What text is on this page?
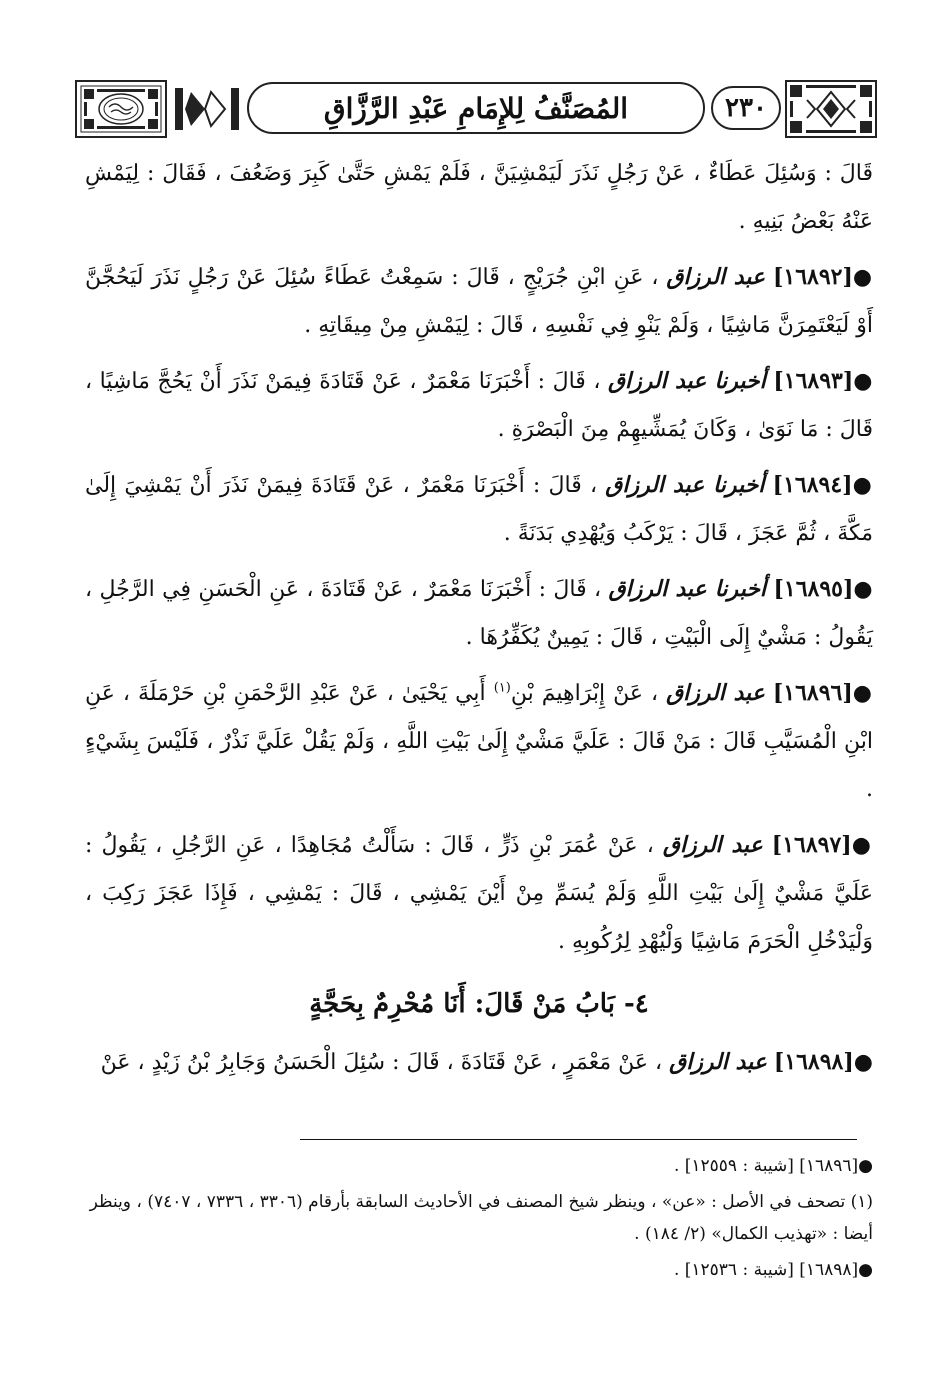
المُصَنَّفُ لِلإِمَامِ عَبْدِ الرَّزَّاقِ	٢٣٠

قَالَ : وَسُئِلَ عَطَاءٌ ، عَنْ رَجُلٍ نَذَرَ لَيَمْشِيَنَّ ، فَلَمْ يَمْشِ حَتَّىٰ كَبِرَ وَضَعُفَ ، فَقَالَ : لِيَمْشِ عَنْهُ بَعْضُ بَنِيهِ .

●[١٦٨٩٢] عبد الرزاق ، عَنِ ابْنِ جُرَيْجٍ ، قَالَ : سَمِعْتُ عَطَاءً سُئِلَ عَنْ رَجُلٍ نَذَرَ لَيَحُجَّنَّ أَوْ لَيَعْتَمِرَنَّ مَاشِيًا ، وَلَمْ يَنْوِ فِي نَفْسِهِ ، قَالَ : لِيَمْشِ مِنْ مِيقَاتِهِ .

●[١٦٨٩٣] أخبرنا عبد الرزاق ، قَالَ : أَخْبَرَنَا مَعْمَرٌ ، عَنْ قَتَادَةَ فِيمَنْ نَذَرَ أَنْ يَحُجَّ مَاشِيًا ، قَالَ : مَا نَوَىٰ ، وَكَانَ يُمَشِّيهِمْ مِنَ الْبَصْرَةِ .

●[١٦٨٩٤] أخبرنا عبد الرزاق ، قَالَ : أَخْبَرَنَا مَعْمَرٌ ، عَنْ قَتَادَةَ فِيمَنْ نَذَرَ أَنْ يَمْشِيَ إِلَىٰ مَكَّةَ ، ثُمَّ عَجَزَ ، قَالَ : يَرْكَبُ وَيُهْدِي بَدَنَةً .

●[١٦٨٩٥] أخبرنا عبد الرزاق ، قَالَ : أَخْبَرَنَا مَعْمَرٌ ، عَنْ قَتَادَةَ ، عَنِ الْحَسَنِ فِي الرَّجُلِ ، يَقُولُ : مَشْيٌ إِلَى الْبَيْتِ ، قَالَ : يَمِينٌ يُكَفِّرُهَا .

●[١٦٨٩٦] عبد الرزاق ، عَنْ إِبْرَاهِيمَ بْنِ$^{(١)}$ أَبِي يَحْيَىٰ ، عَنْ عَبْدِ الرَّحْمَنِ بْنِ حَرْمَلَةَ ، عَنِ ابْنِ الْمُسَيَّبِ قَالَ : مَنْ قَالَ : عَلَيَّ مَشْيٌ إِلَىٰ بَيْتِ اللَّهِ ، وَلَمْ يَقُلْ عَلَيَّ نَذْرٌ ، فَلَيْسَ بِشَيْءٍ .

●[١٦٨٩٧] عبد الرزاق ، عَنْ عُمَرَ بْنِ ذَرٍّ ، قَالَ : سَأَلْتُ مُجَاهِدًا ، عَنِ الرَّجُلِ ، يَقُولُ : عَلَيَّ مَشْيٌ إِلَىٰ بَيْتِ اللَّهِ وَلَمْ يُسَمِّ مِنْ أَيْنَ يَمْشِي ، قَالَ : يَمْشِي ، فَإِذَا عَجَزَ رَكِبَ ، وَلْيَدْخُلِ الْحَرَمَ مَاشِيًا وَلْيُهْدِ لِرُكُوبِهِ .

٤- بَابُ مَنْ قَالَ: أَنَا مُحْرِمٌ بِحَجَّةٍ

●[١٦٨٩٨] عبد الرزاق ، عَنْ مَعْمَرٍ ، عَنْ قَتَادَةَ ، قَالَ : سُئِلَ الْحَسَنُ وَجَابِرُ بْنُ زَيْدٍ ، عَنْ

●[١٦٨٩٦] [شيبة : ١٢٥٥٩] .

(١) تصحف في الأصل : «عن» ، وينظر شيخ المصنف في الأحاديث السابقة بأرقام (٣٣٠٦ ، ٧٣٣٦ ، ٧٤٠٧) ، وينظر أيضا : «تهذيب الكمال» (٢/ ١٨٤) .

●[١٦٨٩٨] [شيبة : ١٢٥٣٦] .
